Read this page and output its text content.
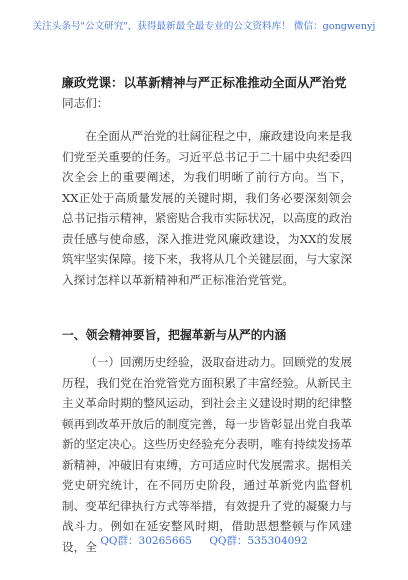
关注头条号"公文研究"，获得最新最全最专业的公文资料库！ 微信：gongwenyj
廉政党课：以革新精神与严正标准推动全面从严治党
同志们：
在全面从严治党的壮阔征程之中，廉政建设向来是我们党至关重要的任务。习近平总书记于二十届中央纪委四次全会上的重要阐述，为我们明晰了前行方向。当下，XX正处于高质量发展的关键时期，我们务必要深刻领会总书记指示精神，紧密贴合我市实际状况，以高度的政治责任感与使命感，深入推进党风廉政建设，为XX的发展筑牢坚实保障。接下来，我将从几个关键层面，与大家深入探讨怎样以革新精神和严正标准治党管党。
一、领会精神要旨，把握革新与从严的内涵
（一）回溯历史经验，汲取奋进动力。回顾党的发展历程，我们党在治党管党方面积累了丰富经验。从新民主主义革命时期的整风运动，到社会主义建设时期的纪律整顿再到改革开放后的制度完善，每一步皆彰显出党自我革新的坚定决心。这些历史经验充分表明，唯有持续发扬革新精神，冲破旧有束缚，方可适应时代发展需求。据相关党史研究统计，在不同历史阶段，通过革新党内监督机制、变革纪律执行方式等举措，有效提升了党的凝聚力与战斗力。例如在延安整风时期，借助思想整顿与作风建设，全 QQ群：30265665 QQ群：535304092
